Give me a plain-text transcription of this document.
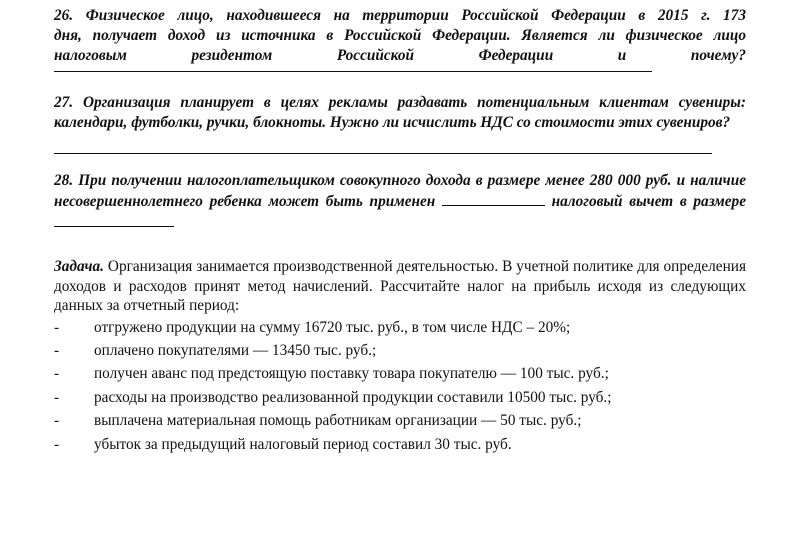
26. Физическое лицо, находившееся на территории Российской Федерации в 2015 г. 173

дня, получает доход из источника в Российской Федерации. Является ли физическое лицо

налоговым резидентом Российской Федерации и почему?

27. Организация планирует в целях рекламы раздавать потенциальным клиентам сувениры: календари, футболки, ручки, блокноты. Нужно ли исчислить НДС со стоимости этих сувениров?

28. При получении налогоплательщиком совокупного дохода в размере менее 280 000 руб. и наличие несовершеннолетнего ребенка может быть применен	налоговый вычет в размере

Задача. Организация занимается производственной деятельностью. В учетной политике для определения доходов и расходов принят метод начислений. Рассчитайте налог на прибыль исходя из следующих данных за отчетный период:

- отгружено продукции на сумму 16720 тыс. руб., в том числе НДС – 20%;
- оплачено покупателями — 13450 тыс. руб.;
- получен аванс под предстоящую поставку товара покупателю — 100 тыс. руб.;
- расходы на производство реализованной продукции составили 10500 тыс. руб.;
- выплачена материальная помощь работникам организации — 50 тыс. руб.;
- убыток за предыдущий налоговый период составил 30 тыс. руб.
